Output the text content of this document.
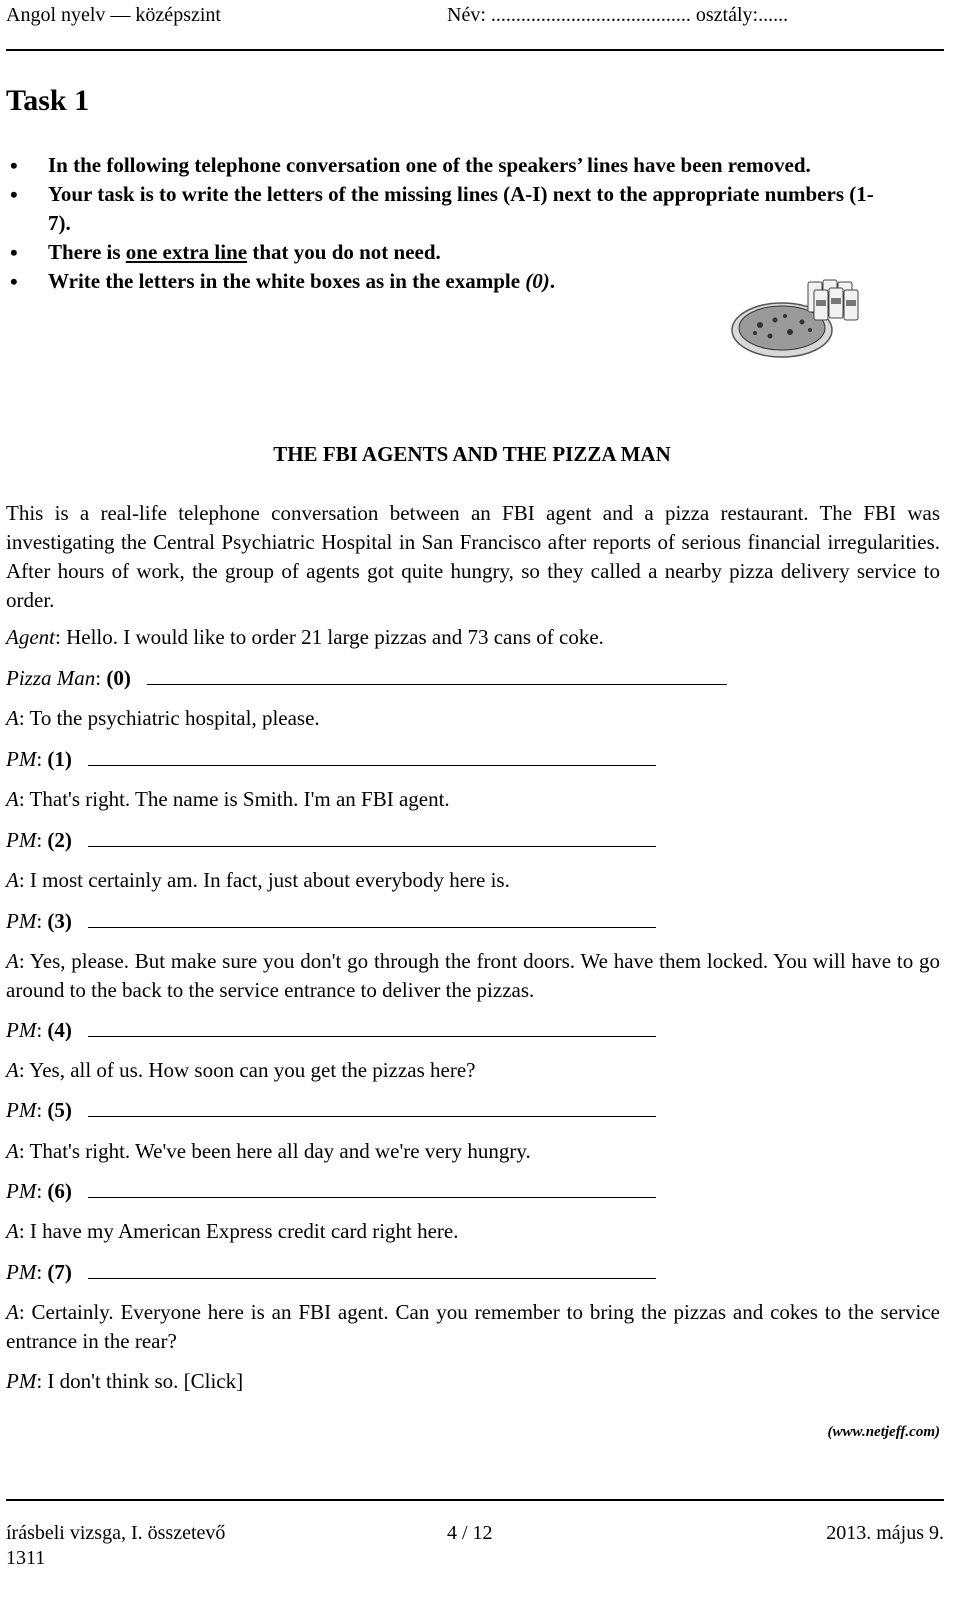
Angol nyelv — középszint	Név: ........................................ osztály:......
Task 1
• In the following telephone conversation one of the speakers’ lines have been removed.
• Your task is to write the letters of the missing lines (A-I) next to the appropriate numbers (1-7).
• There is one extra line that you do not need.
• Write the letters in the white boxes as in the example (0).
THE FBI AGENTS AND THE PIZZA MAN

This is a real-life telephone conversation between an FBI agent and a pizza restaurant. The FBI was investigating the Central Psychiatric Hospital in San Francisco after reports of serious financial irregularities. After hours of work, the group of agents got quite hungry, so they called a nearby pizza delivery service to order.

Agent: Hello. I would like to order 21 large pizzas and 73 cans of coke.

Pizza Man: (0)

A: To the psychiatric hospital, please.

PM: (1)

A: That's right. The name is Smith. I'm an FBI agent.

PM: (2)

A: I most certainly am. In fact, just about everybody here is.

PM: (3)

A: Yes, please. But make sure you don't go through the front doors. We have them locked. You will have to go around to the back to the service entrance to deliver the pizzas.

PM: (4)

A: Yes, all of us. How soon can you get the pizzas here?

PM: (5)

A: That's right. We've been here all day and we're very hungry.

PM: (6)

A: I have my American Express credit card right here.

PM: (7)

A: Certainly. Everyone here is an FBI agent. Can you remember to bring the pizzas and cokes to the service entrance in the rear?

PM: I don't think so. [Click]

(www.netjeff.com)
írásbeli vizsga, I. összetevő
1311
4 / 12	2013. május 9.
